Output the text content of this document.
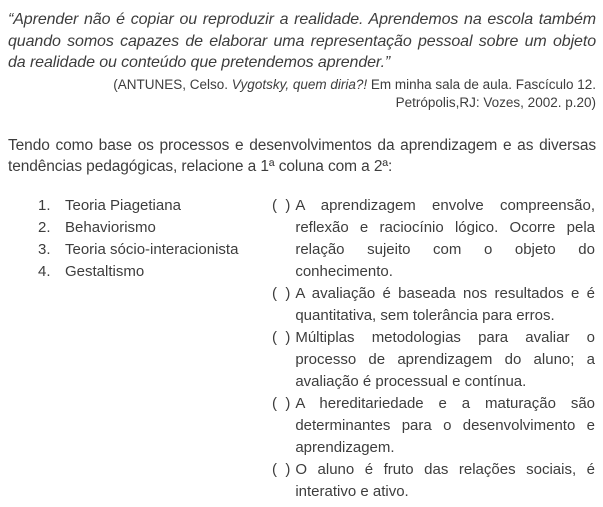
“Aprender não é copiar ou reproduzir a realidade. Aprendemos na escola também quando somos capazes de elaborar uma representação pessoal sobre um objeto da realidade ou conteúdo que pretendemos aprender.”

(ANTUNES, Celso. Vygotsky, quem diria?! Em minha sala de aula. Fascículo 12.
Petrópolis,RJ: Vozes, 2002. p.20)

Tendo como base os processos e desenvolvimentos da aprendizagem e as diversas tendências pedagógicas, relacione a 1ª coluna com a 2ª:

1. Teoria Piagetiana
2. Behaviorismo
3. Teoria sócio-interacionista
4. Gestaltismo
(  ) A aprendizagem envolve compreensão, reflexão e raciocínio lógico. Ocorre pela relação sujeito com o objeto do conhecimento.
(  ) A avaliação é baseada nos resultados e é quantitativa, sem tolerância para erros.
(  ) Múltiplas metodologias para avaliar o processo de aprendizagem do aluno; a avaliação é processual e contínua.
(  ) A hereditariedade e a maturação são determinantes para o desenvolvimento e aprendizagem.
(  ) O aluno é fruto das relações sociais, é interativo e ativo.
